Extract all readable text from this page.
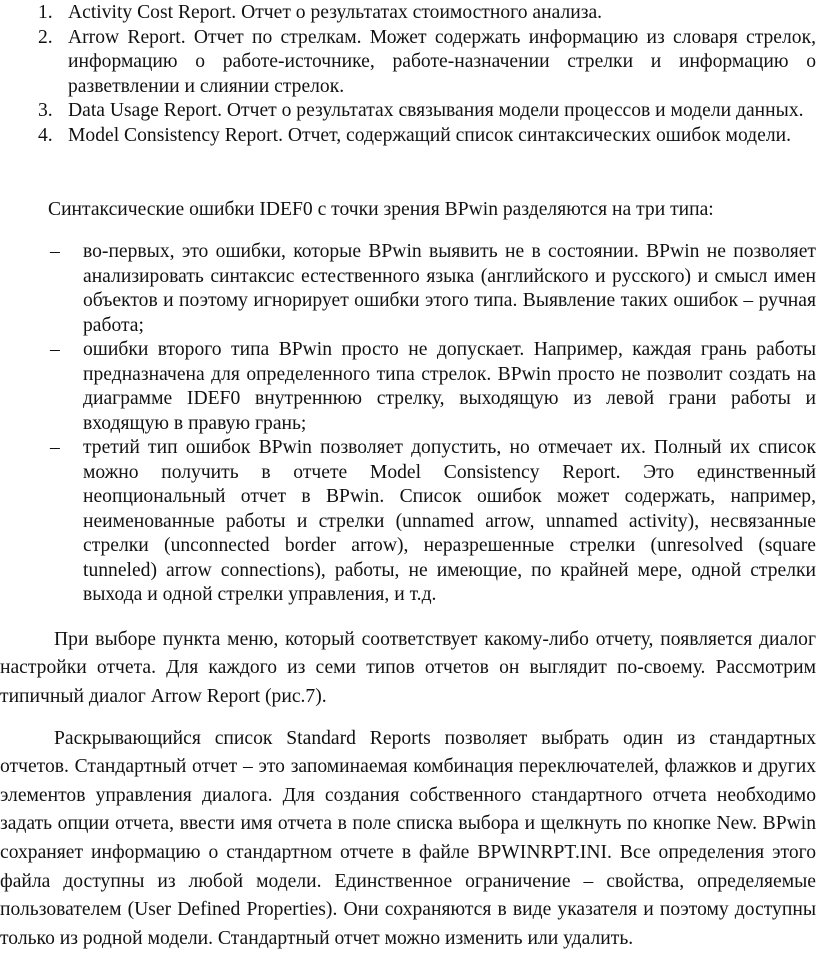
1. Activity Cost Report. Отчет о результатах стоимостного анализа.
2. Arrow Report. Отчет по стрелкам. Может содержать информацию из словаря стрелок, информацию о работе-источнике, работе-назначении стрелки и информацию о разветвлении и слиянии стрелок.
3. Data Usage Report. Отчет о результатах связывания модели процессов и модели данных.
4. Model Consistency Report. Отчет, содержащий список синтаксических ошибок модели.
Синтаксические ошибки IDEF0 с точки зрения BPwin разделяются на три типа:
– во-первых, это ошибки, которые BPwin выявить не в состоянии. BPwin не позволяет анализировать синтаксис естественного языка (английского и русского) и смысл имен объектов и поэтому игнорирует ошибки этого типа. Выявление таких ошибок – ручная работа;
– ошибки второго типа BPwin просто не допускает. Например, каждая грань работы предназначена для определенного типа стрелок. BPwin просто не позволит создать на диаграмме IDEF0 внутреннюю стрелку, выходящую из левой грани работы и входящую в правую грань;
– третий тип ошибок BPwin позволяет допустить, но отмечает их. Полный их список можно получить в отчете Model Consistency Report. Это единственный неопциональный отчет в BPwin. Список ошибок может содержать, например, неименованные работы и стрелки (unnamed arrow, unnamed activity), несвязанные стрелки (unconnected border arrow), неразрешенные стрелки (unresolved (square tunneled) arrow connections), работы, не имеющие, по крайней мере, одной стрелки выхода и одной стрелки управления, и т.д.

При выборе пункта меню, который соответствует какому-либо отчету, появляется диалог настройки отчета. Для каждого из семи типов отчетов он выглядит по-своему. Рассмотрим типичный диалог Arrow Report (рис.7).

Раскрывающийся список Standard Reports позволяет выбрать один из стандартных отчетов. Стандартный отчет – это запоминаемая комбинация переключателей, флажков и других элементов управления диалога. Для создания собственного стандартного отчета необходимо задать опции отчета, ввести имя отчета в поле списка выбора и щелкнуть по кнопке New. BPwin сохраняет информацию о стандартном отчете в файле BPWINRPT.INI. Все определения этого файла доступны из любой модели. Единственное ограничение – свойства, определяемые пользователем (User Defined Properties). Они сохраняются в виде указателя и поэтому доступны только из родной модели. Стандартный отчет можно изменить или удалить.
